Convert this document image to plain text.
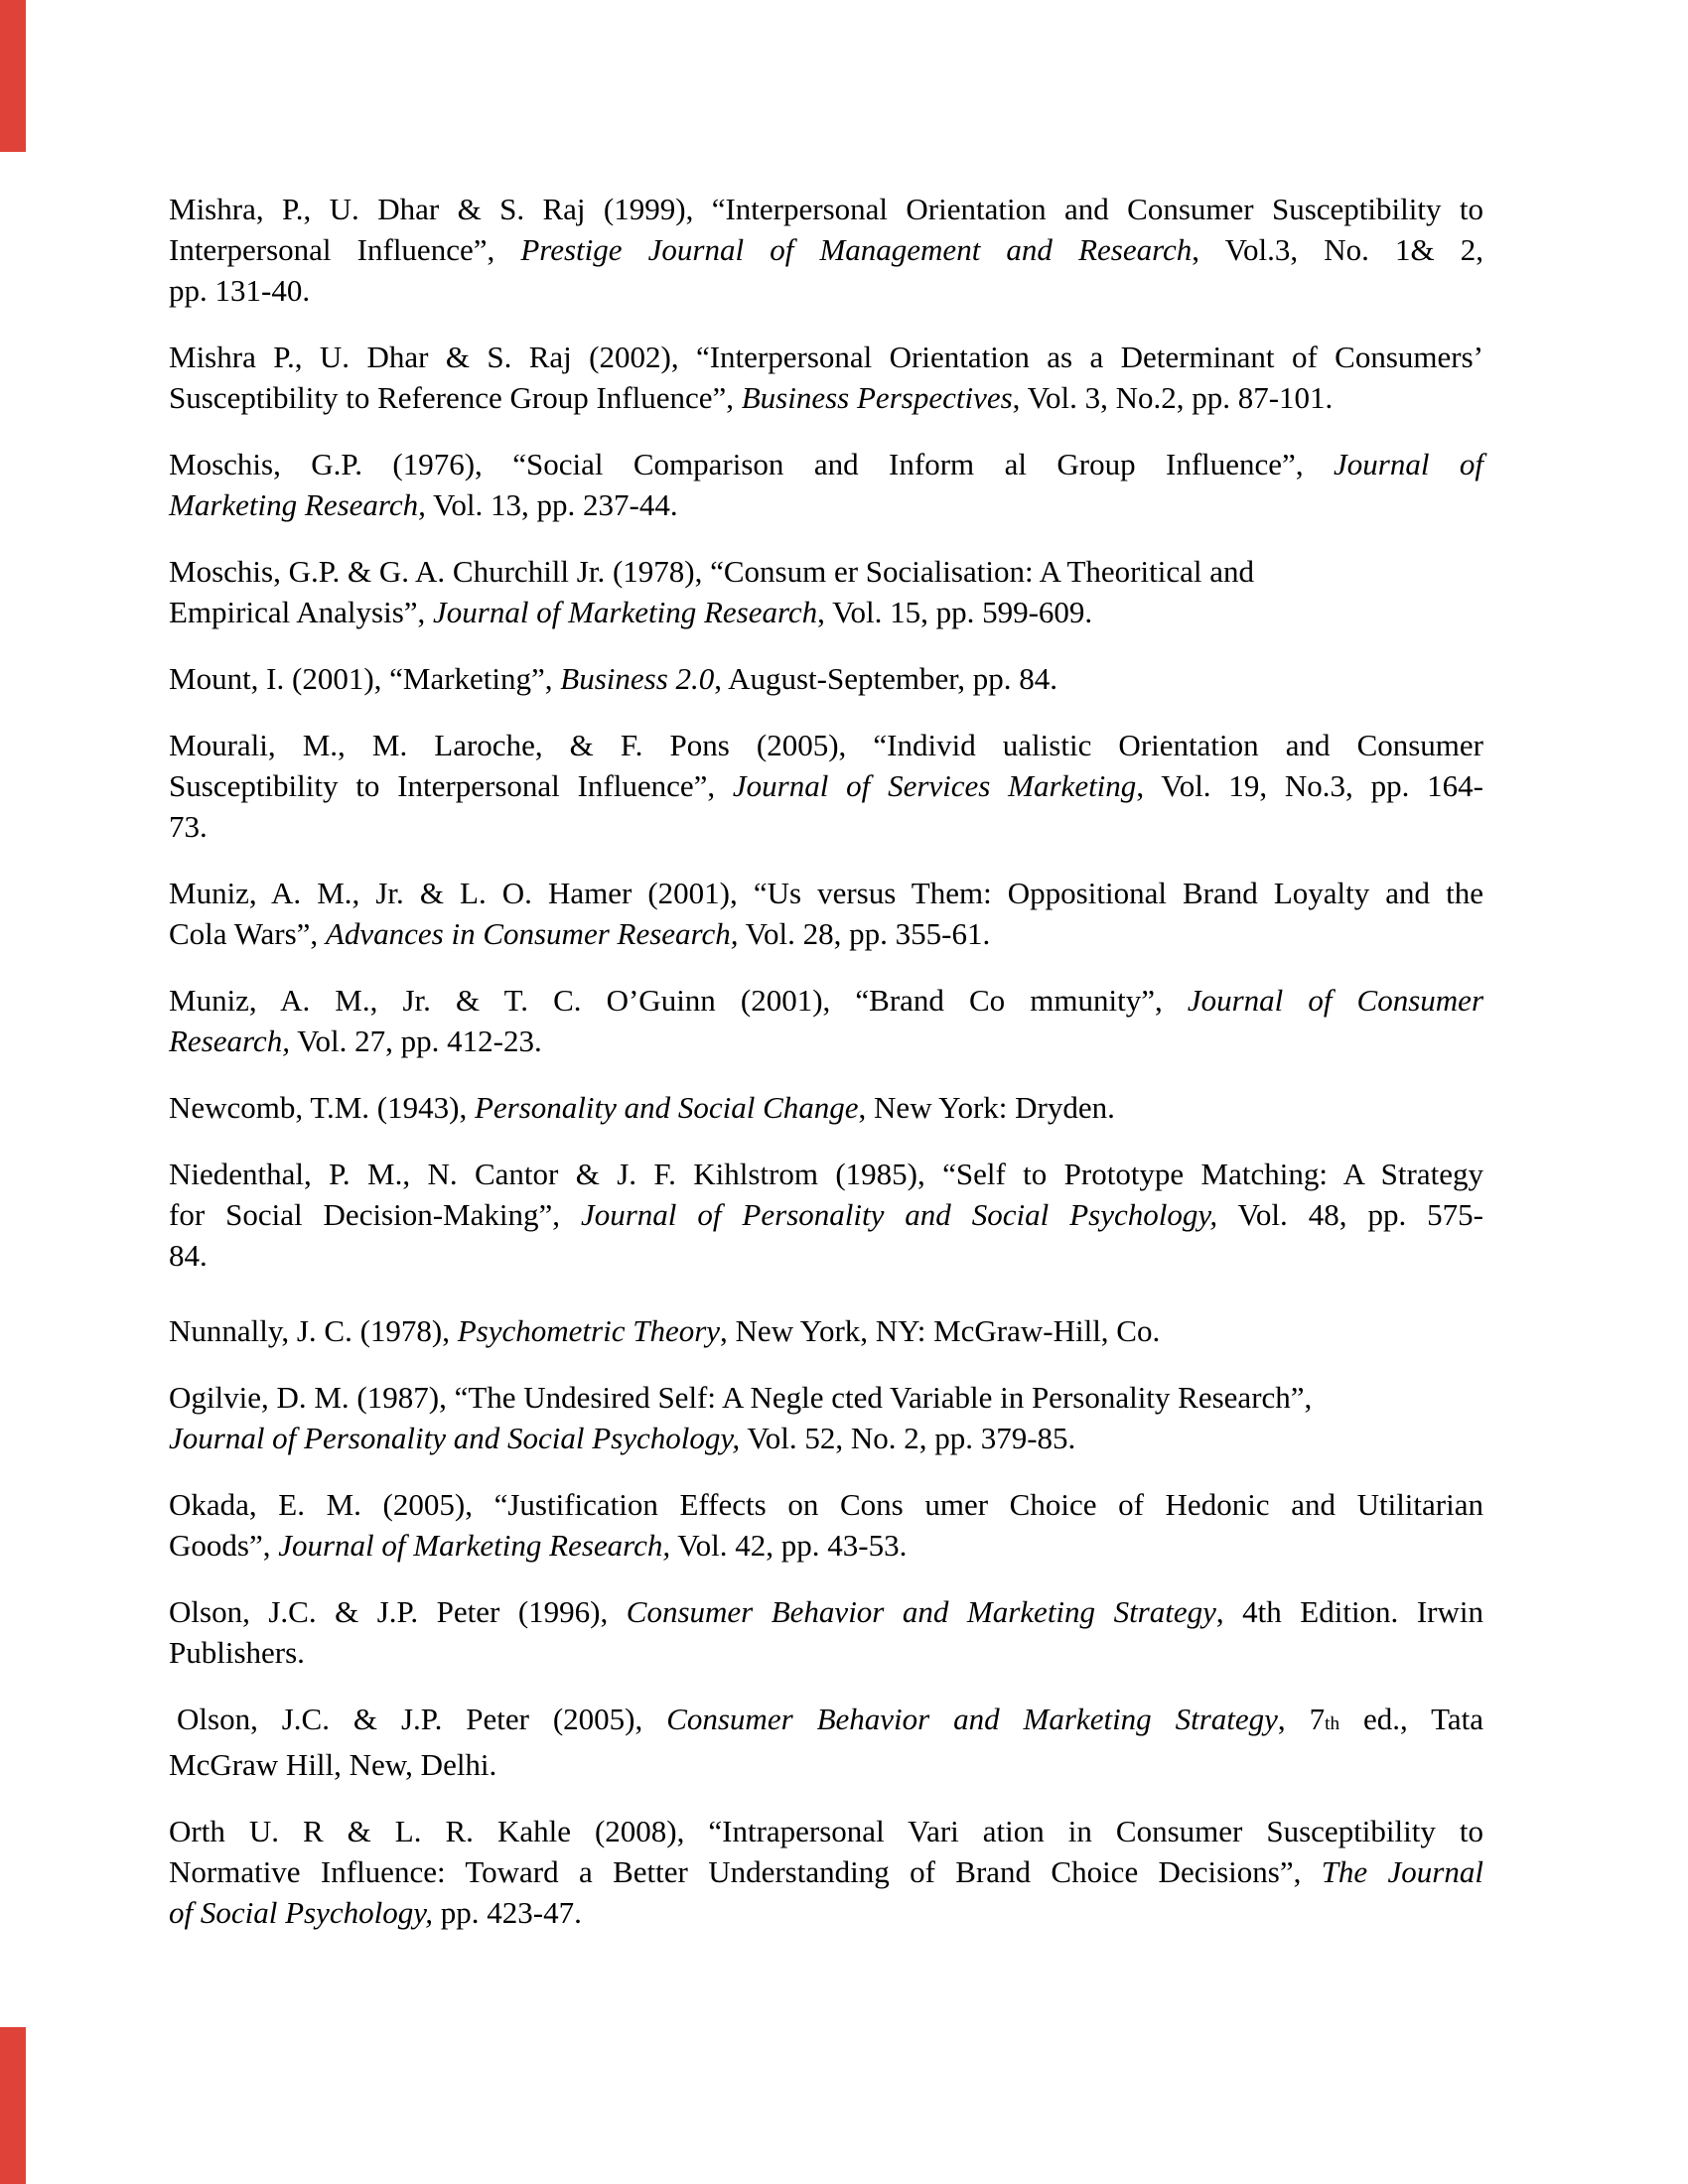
Mishra, P., U. Dhar & S. Raj (1999), “Interpersonal Orientation and Consumer Susceptibility to
Interpersonal Influence”, Prestige Journal of Management and Research, Vol.3, No. 1& 2,
pp. 131-40.

Mishra P., U. Dhar & S. Raj (2002), “Interpersonal Orientation as a Determinant of Consumers’
Susceptibility to Reference Group Influence”, Business Perspectives, Vol. 3, No.2, pp. 87-101.

Moschis, G.P. (1976), “Social Comparison and Inform al Group Influence”, Journal of
Marketing Research, Vol. 13, pp. 237-44.

Moschis, G.P. & G. A. Churchill Jr. (1978), “Consum er Socialisation: A Theoritical and
Empirical Analysis”, Journal of Marketing Research, Vol. 15, pp. 599-609.

Mount, I. (2001), “Marketing”, Business 2.0, August-September, pp. 84.

Mourali, M., M. Laroche, & F. Pons (2005), “Individ ualistic Orientation and Consumer
Susceptibility to Interpersonal Influence”, Journal of Services Marketing, Vol. 19, No.3, pp. 164-
73.

Muniz, A. M., Jr. & L. O. Hamer (2001), “Us versus Them: Oppositional Brand Loyalty and the
Cola Wars”, Advances in Consumer Research, Vol. 28, pp. 355-61.

Muniz, A. M., Jr. & T. C. O’Guinn (2001), “Brand Co mmunity”, Journal of Consumer
Research, Vol. 27, pp. 412-23.

Newcomb, T.M. (1943), Personality and Social Change, New York: Dryden.

Niedenthal, P. M., N. Cantor & J. F. Kihlstrom (1985), “Self to Prototype Matching: A Strategy
for Social Decision-Making”, Journal of Personality and Social Psychology, Vol. 48, pp. 575-
84.

Nunnally, J. C. (1978), Psychometric Theory, New York, NY: McGraw-Hill, Co.

Ogilvie, D. M. (1987), “The Undesired Self: A Negle cted Variable in Personality Research”,
Journal of Personality and Social Psychology, Vol. 52, No. 2, pp. 379-85.

Okada, E. M. (2005), “Justification Effects on Cons umer Choice of Hedonic and Utilitarian
Goods”, Journal of Marketing Research, Vol. 42, pp. 43-53.

Olson, J.C. & J.P. Peter (1996), Consumer Behavior and Marketing Strategy, 4th Edition. Irwin
Publishers.

Olson, J.C. & J.P. Peter (2005), Consumer Behavior and Marketing Strategy, 7th ed., Tata
McGraw Hill, New, Delhi.

Orth U. R & L. R. Kahle (2008), “Intrapersonal Vari ation in Consumer Susceptibility to
Normative Influence: Toward a Better Understanding of Brand Choice Decisions”, The Journal
of Social Psychology, pp. 423-47.
